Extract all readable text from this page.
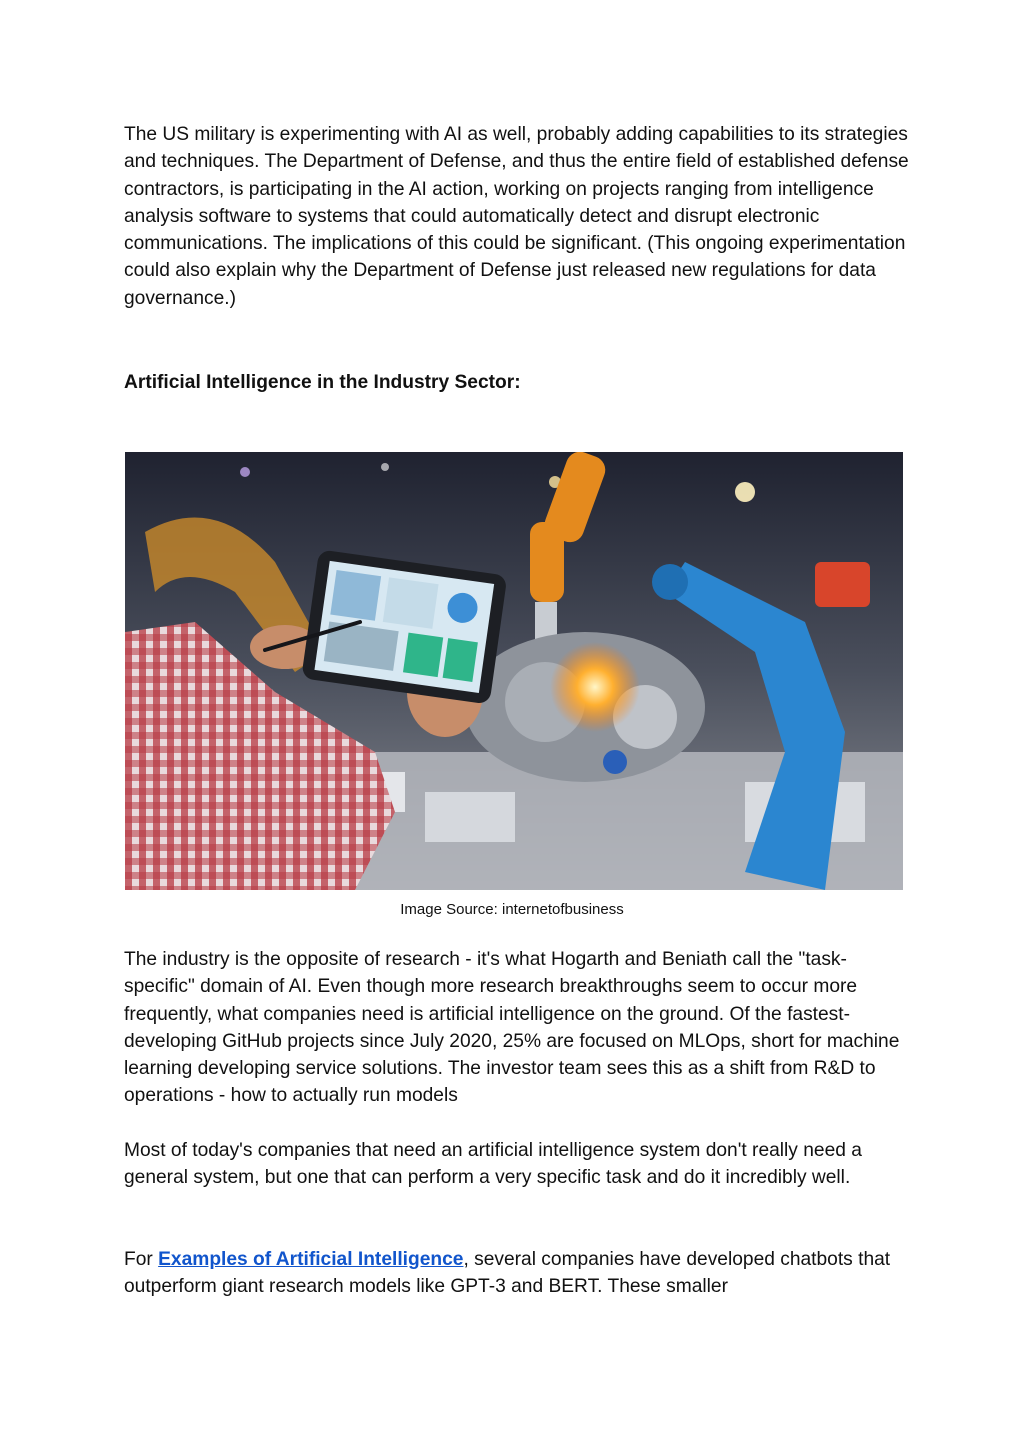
The US military is experimenting with AI as well, probably adding capabilities to its strategies and techniques. The Department of Defense, and thus the entire field of established defense contractors, is participating in the AI action, working on projects ranging from intelligence analysis software to systems that could automatically detect and disrupt electronic communications. The implications of this could be significant. (This ongoing experimentation could also explain why the Department of Defense just released new regulations for data governance.)

Artificial Intelligence in the Industry Sector:

Image Source: internetofbusiness

The industry is the opposite of research - it's what Hogarth and Beniath call the "task-specific" domain of AI. Even though more research breakthroughs seem to occur more frequently, what companies need is artificial intelligence on the ground. Of the fastest-developing GitHub projects since July 2020, 25% are focused on MLOps, short for machine learning developing service solutions. The investor team sees this as a shift from R&D to operations - how to actually run models

Most of today's companies that need an artificial intelligence system don't really need a general system, but one that can perform a very specific task and do it incredibly well.

For Examples of Artificial Intelligence, several companies have developed chatbots that outperform giant research models like GPT-3 and BERT. These smaller
